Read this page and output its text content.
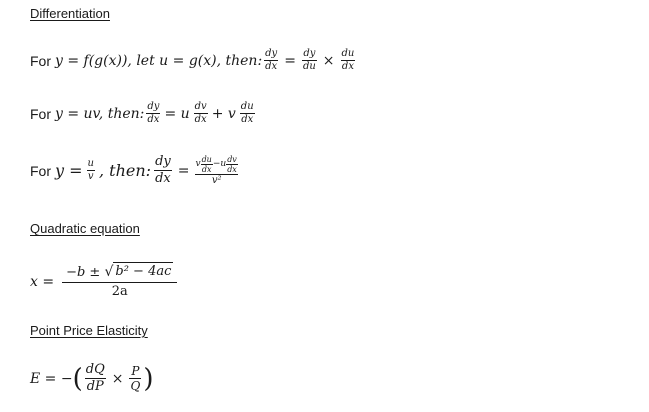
Differentiation
For y = f(g(x)), let u = g(x), then: $\frac{dy}{dx} = \frac{dy}{du} \times \frac{du}{dx}$
For y = uv, then: $\frac{dy}{dx} = u \frac{dv}{dx} + v \frac{du}{dx}$
For $y = \frac{u}{v}$ , then: $\frac{dy}{dx} = v \frac{du}{dx} -u \frac{dv}{dx}$
v²
Quadratic equation
$x = \frac{\text{−b ± √ b² − 4ac}}{2a}$
Point Price Elasticity
E = − ( $\frac{dQ}{dP} \times \frac{P}{Q}$ )
